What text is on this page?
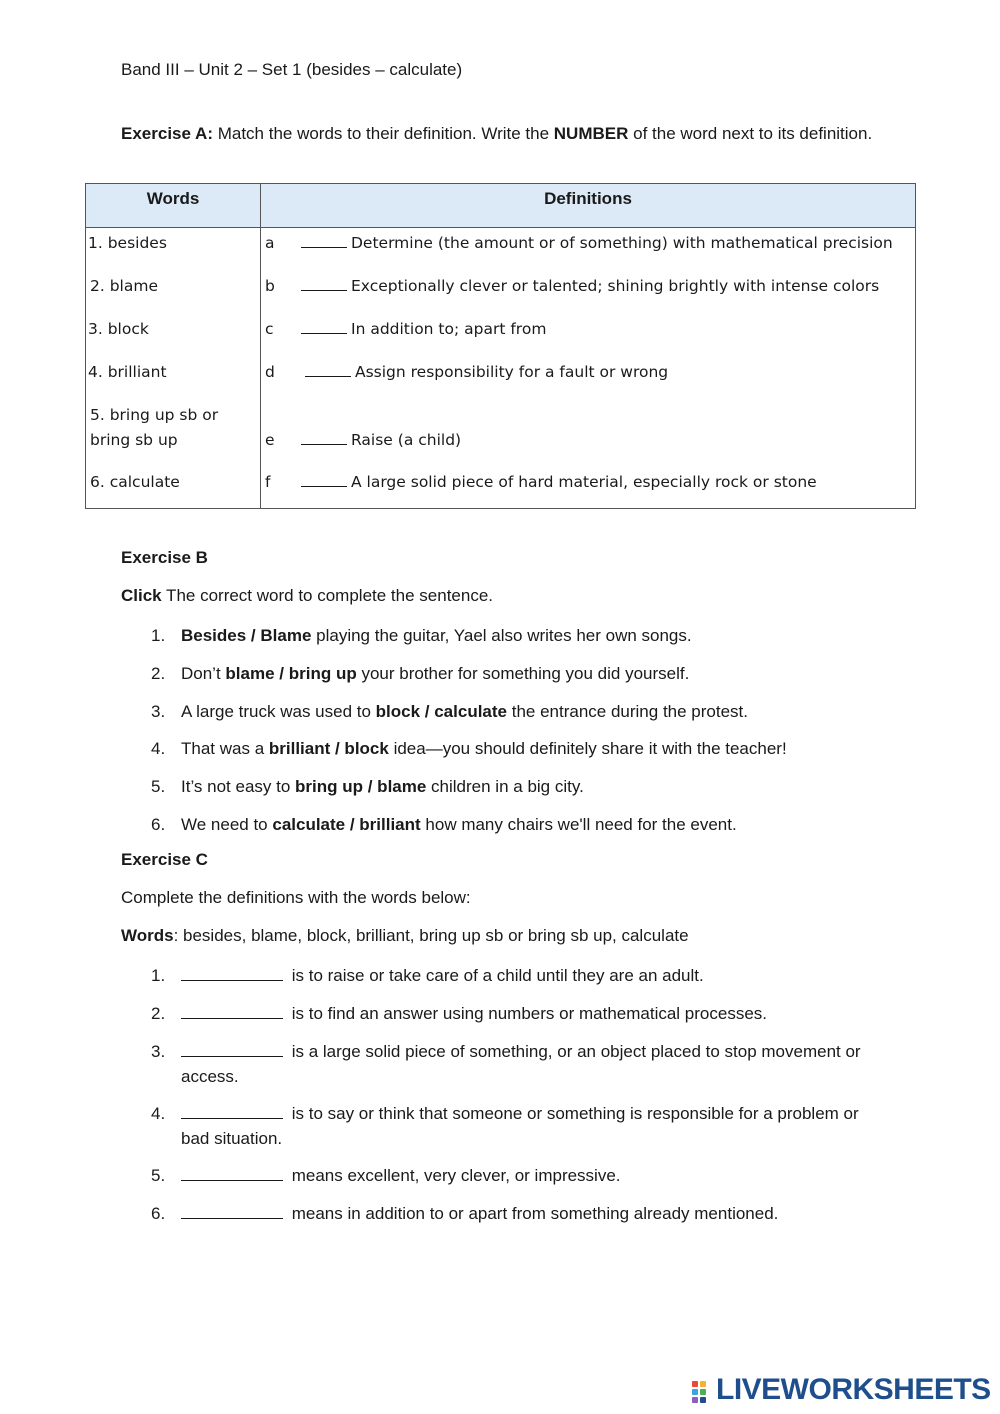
Band III – Unit 2 – Set 1 (besides – calculate)
Exercise A: Match the words to their definition. Write the NUMBER of the word next to its definition.
Words	Definitions
1. besides	a Determine (the amount or of something) with mathematical precision
2. blame	b Exceptionally clever or talented; shining brightly with intense colors
3. block	c In addition to; apart from
4. brilliant	d Assign responsibility for a fault or wrong
5. bring up sb or bring sb up	e Raise (a child)
6. calculate	f A large solid piece of hard material, especially rock or stone
Exercise B
Click The correct word to complete the sentence.
1. Besides / Blame playing the guitar, Yael also writes her own songs.
2. Don’t blame / bring up your brother for something you did yourself.
3. A large truck was used to block / calculate the entrance during the protest.
4. That was a brilliant / block idea—you should definitely share it with the teacher!
5. It’s not easy to bring up / blame children in a big city.
6. We need to calculate / brilliant how many chairs we'll need for the event.
Exercise C
Complete the definitions with the words below:
Words: besides, blame, block, brilliant, bring up sb or bring sb up, calculate
1.	is to raise or take care of a child until they are an adult.
2.	is to find an answer using numbers or mathematical processes.
3.	is a large solid piece of something, or an object placed to stop movement or access.
4.	is to say or think that someone or something is responsible for a problem or bad situation.
5.	means excellent, very clever, or impressive.
6.	means in addition to or apart from something already mentioned.
LIVEWORKSHEETS
